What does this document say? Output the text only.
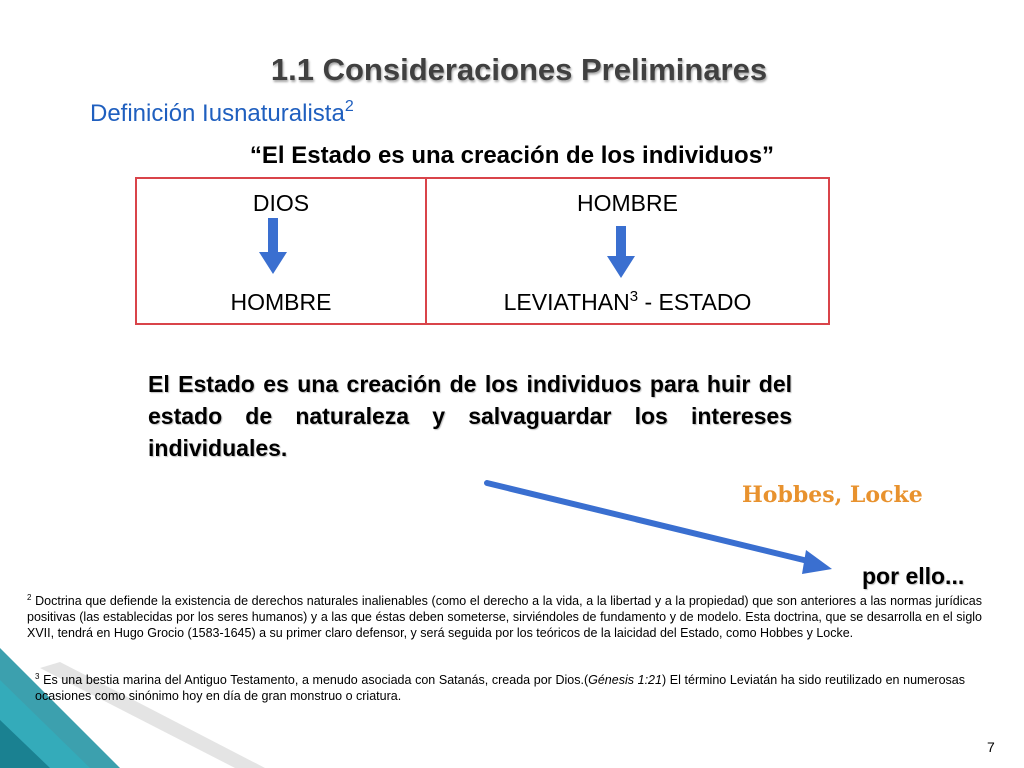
1.1 Consideraciones Preliminares
Definición Iusnaturalista$^2$
“El Estado es una creación de los individuos”
DIOS	HOMBRE
HOMBRE	LEVIATHAN$^3$ - ESTADO
El Estado es una creación de los individuos para huir del estado de naturaleza y salvaguardar los intereses individuales.
Hobbes, Locke
por ello...
$^2$ Doctrina que defiende la existencia de derechos naturales inalienables (como el derecho a la vida, a la libertad y a la propiedad) que son anteriores a las normas jurídicas positivas (las establecidas por los seres humanos) y a las que éstas deben someterse, sirviéndoles de fundamento y de modelo. Esta doctrina, que se desarrolla en el siglo XVII, tendrá en Hugo Grocio (1583-1645) a su primer claro defensor, y será seguida por los teóricos de la laicidad del Estado, como Hobbes y Locke.
$^3$ Es una bestia marina del Antiguo Testamento, a menudo asociada con Satanás, creada por Dios.(Génesis 1:21) El término Leviatán ha sido reutilizado en numerosas ocasiones como sinónimo hoy en día de gran monstruo o criatura.
7
